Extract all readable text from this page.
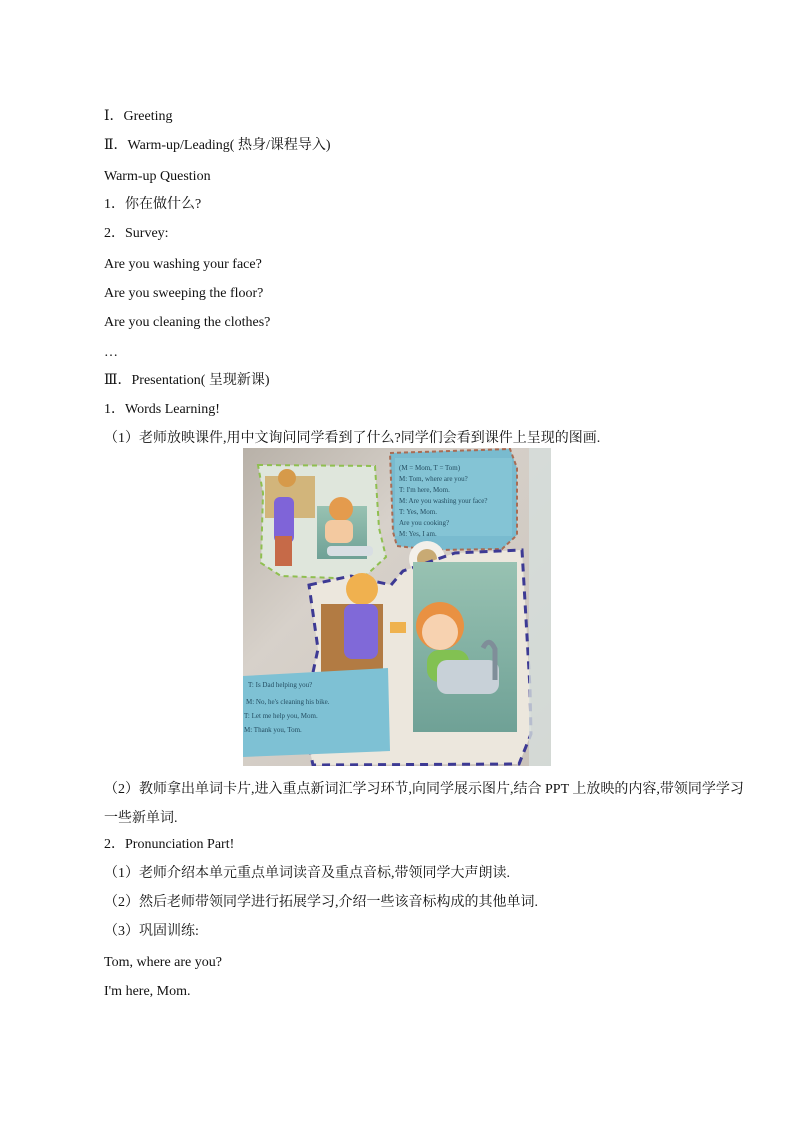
Ⅰ．Greeting
Ⅱ．Warm-up/Leading( 热身/课程导入)
Warm-up Question
1．你在做什么?
2．Survey:
Are you washing your face?
Are you sweeping the floor?
Are you cleaning the clothes?
…
Ⅲ．Presentation( 呈现新课)
1．Words Learning!
（1）老师放映课件,用中文询问同学看到了什么?同学们会看到课件上呈现的图画.
(M = Mom, T = Tom)
M: Tom, where are you?
T: I'm here, Mom.
M: Are you washing your face?
T: Yes, Mom.
Are you cooking?
M: Yes, I am.
T: Is Dad helping you?
M: No, he's cleaning his bike.
T: Let me help you, Mom.
M: Thank you, Tom.
（2）教师拿出单词卡片,进入重点新词汇学习环节,向同学展示图片,结合 PPT 上放映的内容,带领同学学习一些新单词.
2．Pronunciation Part!
（1）老师介绍本单元重点单词读音及重点音标,带领同学大声朗读.
（2）然后老师带领同学进行拓展学习,介绍一些该音标构成的其他单词.
（3）巩固训练:
Tom, where are you?
I'm here, Mom.
